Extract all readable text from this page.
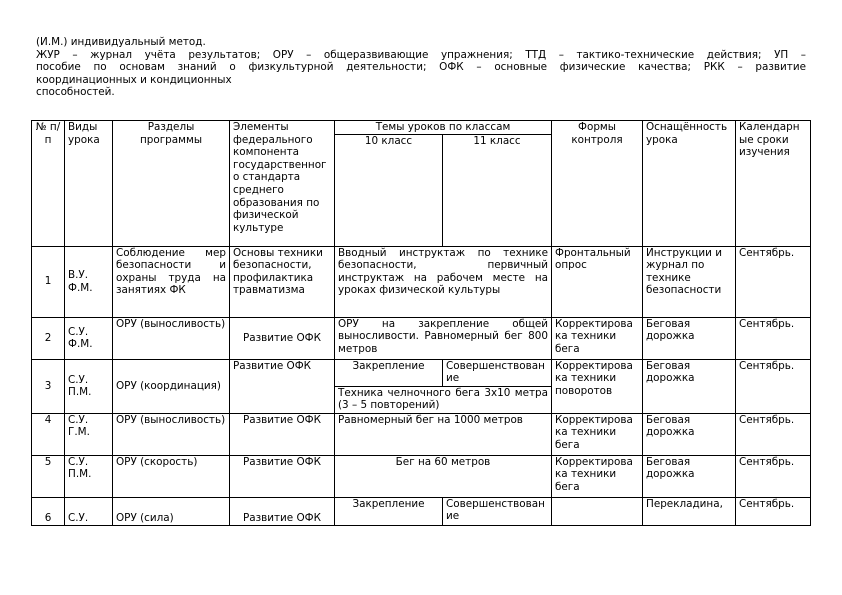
(И.М.) индивидуальный метод.

ЖУР – журнал учёта результатов; ОРУ – общеразвивающие упражнения; ТТД – тактико-технические действия; УП –

пособие по основам знаний о физкультурной деятельности; ОФК – основные физические качества; РКК – развитие

координационных и кондиционных

способностей.

№ п/п	Виды урока	Разделы программы	Элементы федерального компонента государственного стандарта среднего образования по физической культуре	Темы уроков по классам		Формы контроля	Оснащённость урока	Календарные сроки изучения
				10 класс	11 класс			
1	В.У. Ф.М.	Соблюдение мер безопасности и охраны труда на занятиях ФК	Основы техники безопасности, профилактика травматизма	Вводный инструктаж по технике безопасности, первичный инструктаж на рабочем месте на уроках физической культуры		Фронтальный опрос	Инструкции и журнал по технике безопасности	Сентябрь.
2	С.У. Ф.М.	ОРУ (выносливость)	Развитие ОФК	ОРУ на закрепление общей выносливости. Равномерный бег 800 метров		Корректировака техники бега	Беговая дорожка	Сентябрь.
3	С.У. П.М.	ОРУ (координация)	Развитие ОФК	Закрепление	Совершенствование	Корректировака техники поворотов	Беговая дорожка	Сентябрь.
				Техника челночного бега 3х10 метра (3 – 5 повторений)				
4	С.У. Г.М.	ОРУ (выносливость)	Развитие ОФК	Равномерный бег на 1000 метров		Корректировака техники бега	Беговая дорожка	Сентябрь.
5	С.У. П.М.	ОРУ (скорость)	Развитие ОФК	Бег на 60 метров		Корректировака техники бега	Беговая дорожка	Сентябрь.
6	С.У.	ОРУ (сила)	Развитие ОФК	Закрепление	Совершенствование		Перекладина,	Сентябрь.
